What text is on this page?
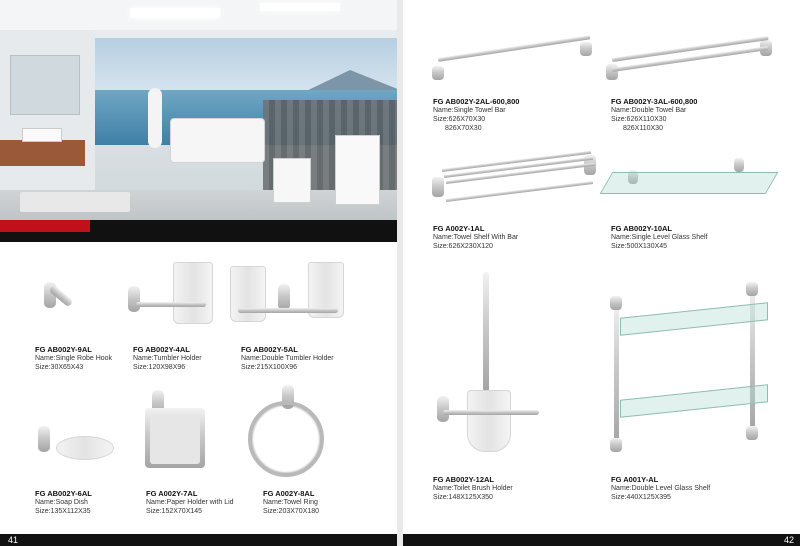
FG AB002Y-9AL
Name:Single Robe Hook
Size:30X65X43
FG AB002Y-4AL
Name:Tumbler Holder
Size:120X98X96
FG AB002Y-5AL
Name:Double Tumbler Holder
Size:215X100X96
FG AB002Y-6AL
Name:Soap Dish
Size:135X112X35
FG A002Y-7AL
Name:Paper Holder with Lid
Size:152X70X145
FG A002Y-8AL
Name:Towel Ring
Size:203X70X180
FG AB002Y-2AL-600,800
Name:Single Towel Bar
Size:626X70X30
826X70X30
FG AB002Y-3AL-600,800
Name:Double Towel Bar
Size:626X110X30
826X110X30
FG A002Y-1AL
Name:Towel Shelf With Bar
Size:626X230X120
FG AB002Y-10AL
Name:Single Level Glass Shelf
Size:500X130X45
FG AB002Y-12AL
Name:Toilet Brush Holder
Size:148X125X350
FG A001Y-AL
Name:Double Level Glass Shelf
Size:440X125X395
41	42
